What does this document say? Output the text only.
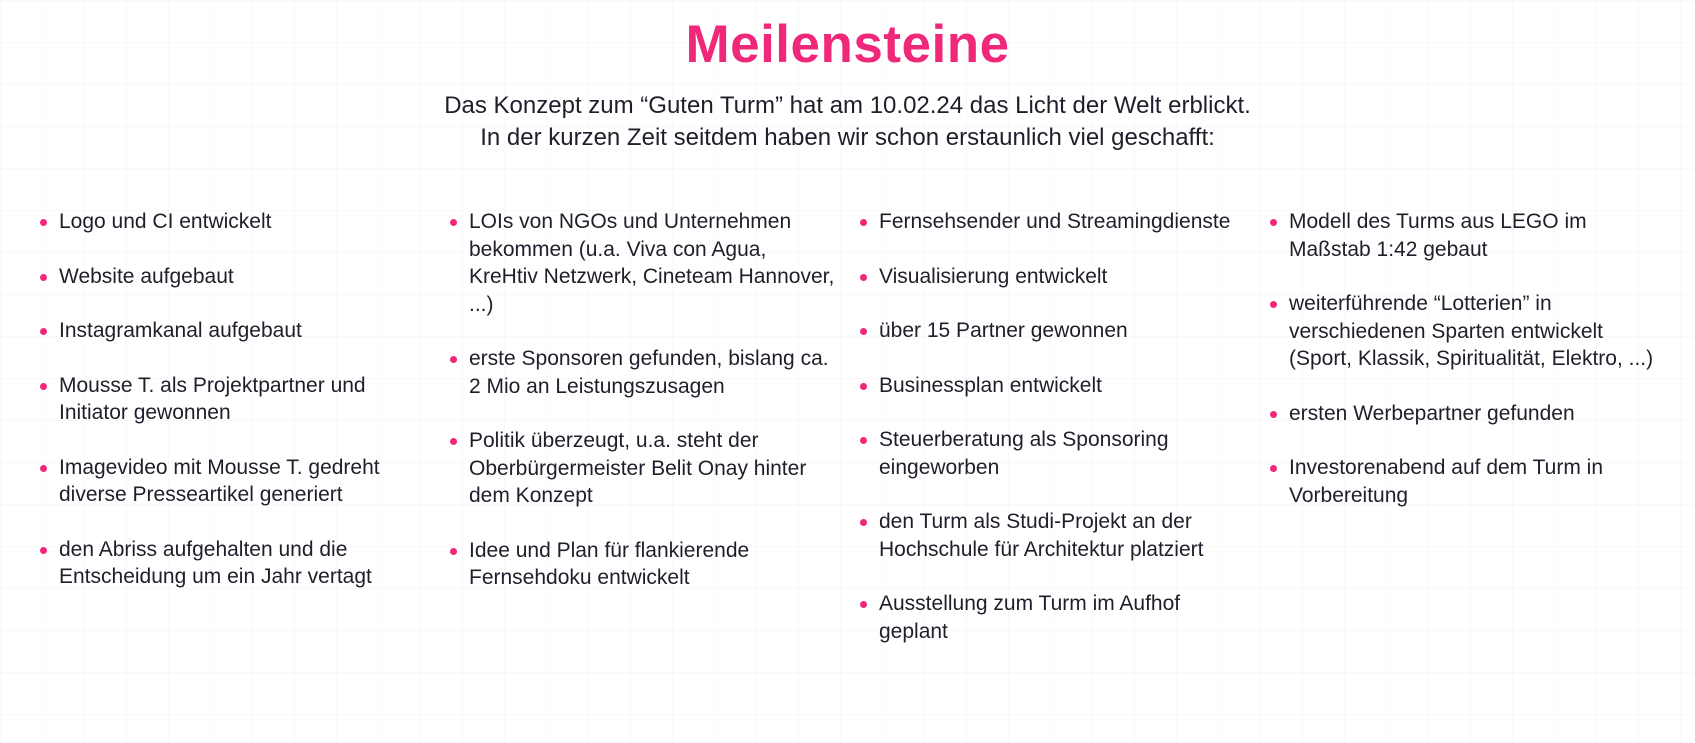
Meilensteine

Das Konzept zum “Guten Turm” hat am 10.02.24 das Licht der Welt erblickt.
In der kurzen Zeit seitdem haben wir schon erstaunlich viel geschafft:

Logo und CI entwickelt
Website aufgebaut
Instagramkanal aufgebaut
Mousse T. als Projektpartner und Initiator gewonnen
Imagevideo mit Mousse T. gedreht diverse Presseartikel generiert
den Abriss aufgehalten und die Entscheidung um ein Jahr vertagt
LOIs von NGOs und Unternehmen bekommen (u.a. Viva con Agua, KreHtiv Netzwerk, Cineteam Hannover, ...)
erste Sponsoren gefunden, bislang ca. 2 Mio an Leistungszusagen
Politik überzeugt, u.a. steht der Oberbürgermeister Belit Onay hinter dem Konzept
Idee und Plan für flankierende Fernsehdoku entwickelt
Fernsehsender und Streamingdienste
Visualisierung entwickelt
über 15 Partner gewonnen
Businessplan entwickelt
Steuerberatung als Sponsoring eingeworben
den Turm als Studi-Projekt an der Hochschule für Architektur platziert
Ausstellung zum Turm im Aufhof geplant
Modell des Turms aus LEGO im Maßstab 1:42 gebaut
weiterführende “Lotterien” in verschiedenen Sparten entwickelt (Sport, Klassik, Spiritualität, Elektro, ...)
ersten Werbepartner gefunden
Investorenabend auf dem Turm in Vorbereitung
